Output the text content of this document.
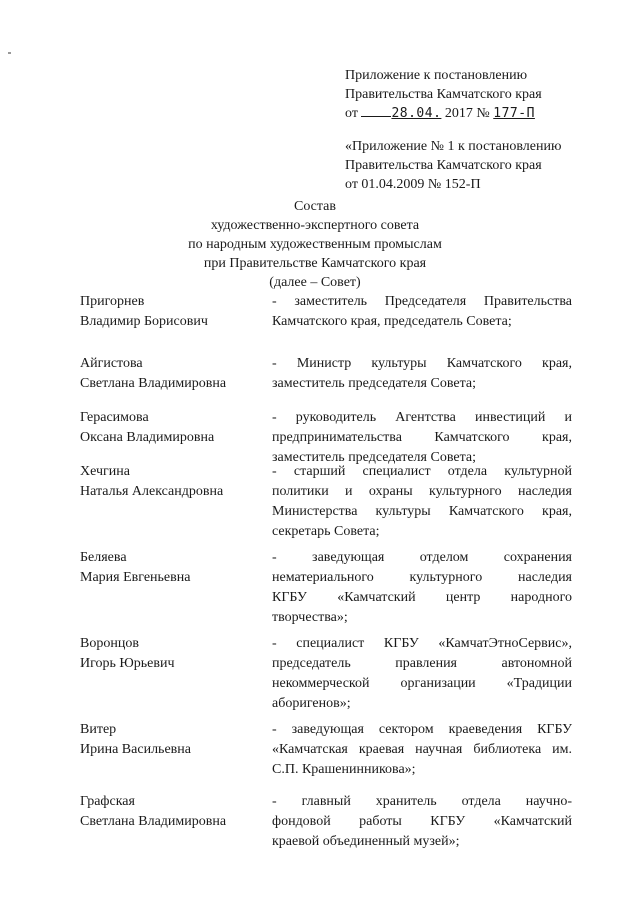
Приложение к постановлению
Правительства Камчатского края
от	28.04. 2017 № 177-П
«Приложение № 1 к постановлению
Правительства Камчатского края
от 01.04.2009 № 152-П
Состав
художественно-экспертного совета
по народным художественным промыслам
при Правительстве Камчатского края
(далее – Совет)
Пригорнев
Владимир Борисович
- заместитель Председателя Правительства
Камчатского края, председатель Совета;
Айгистова
Светлана Владимировна
- Министр культуры Камчатского края,
заместитель председателя Совета;
Герасимова
Оксана Владимировна
- руководитель Агентства инвестиций и
предпринимательства Камчатского края,
заместитель председателя Совета;
Хечгина
Наталья Александровна
- старший специалист отдела культурной
политики и охраны культурного наследия
Министерства культуры Камчатского края,
секретарь Совета;
Беляева
Мария Евгеньевна
- заведующая отделом сохранения
нематериального культурного наследия
КГБУ «Камчатский центр народного
творчества»;
Воронцов
Игорь Юрьевич
- специалист КГБУ «КамчатЭтноСервис»,
председатель правления автономной
некоммерческой организации «Традиции
аборигенов»;
Витер
Ирина Васильевна
- заведующая сектором краеведения КГБУ
«Камчатская краевая научная библиотека им.
С.П. Крашенинникова»;
Графская
Светлана Владимировна
- главный хранитель отдела научно-
фондовой работы КГБУ «Камчатский
краевой объединенный музей»;
